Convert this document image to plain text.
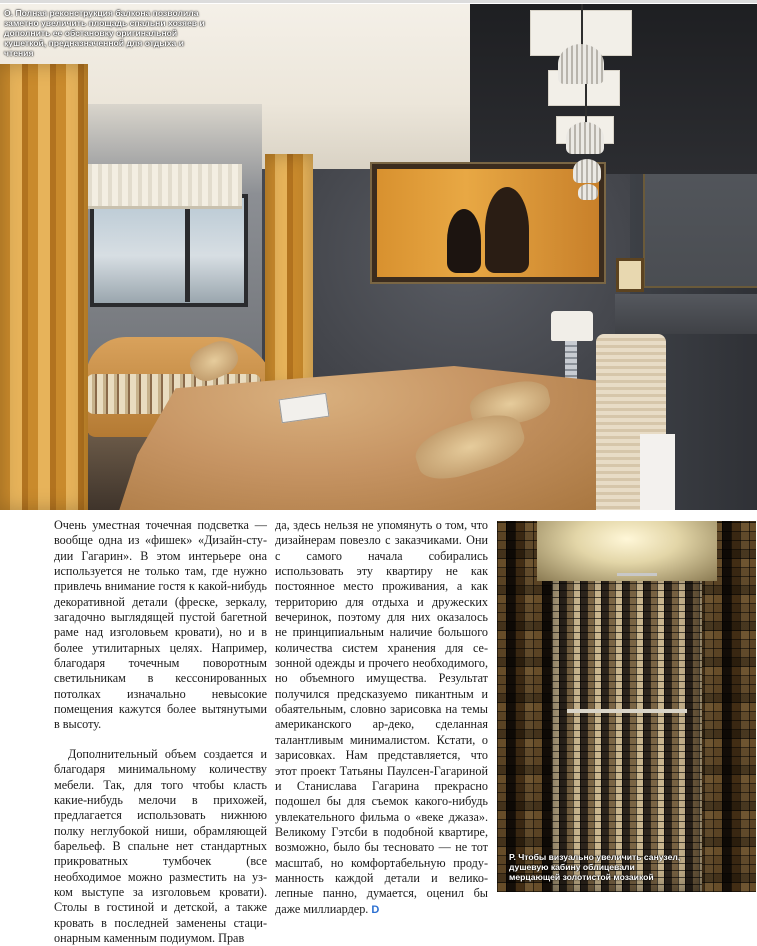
О. Полная реконструкция балкона позволила заметно увеличить площадь спальни хозяев и дополнить ее обстановку оригинальной кушеткой, предназначенной для отдыха и чтения

Очень уместная точечная подсветка — вообще одна из «фишек» «Дизайн-студии Гагарин». В этом интерьере она используется не только там, где нужно привлечь внимание гостя к какой-нибудь декоративной детали (фреске, зеркалу, загадочно выглядящей пустой багетной раме над изголовьем кровати), но и в более утилитарных целях. Например, благодаря точечным поворотным светильникам в кессонированных потолках изначально невысокие помещения кажутся более вытянутыми в высоту.

Дополнительный объем создается и благодаря минимальному количеству мебели. Так, для того чтобы класть какие-нибудь мелочи в прихожей, предлагается использовать нижнюю полку неглубокой ниши, обрамляющей барельеф. В спальне нет стандартных прикроватных тумбочек (все необходимое можно разместить на узком выступе за изголовьем кровати). Столы в гостиной и детской, а также кровать в последней заменены стационарным каменным подиумом. Прав

да, здесь нельзя не упомянуть о том, что дизайнерам повезло с заказчиками. Они с самого начала собирались использовать эту квартиру не как постоянное место проживания, а как территорию для отдыха и дружеских вечеринок, поэтому для них оказалось не принципиальным наличие большого количества систем хранения для сезонной одежды и прочего необходимого, но объемного имущества. Результат получился предсказуемо пикантным и обаятельным, словно зарисовка на темы американского ар-деко, сделанная талантливым минималистом. Кстати, о зарисовках. Нам представляется, что этот проект Татьяны Паулсен-Гагариной и Станислава Гагарина прекрасно подошел бы для съемок какого-нибудь увлекательного фильма о «веке джаза». Великому Гэтсби в подобной квартире, возможно, было бы тесновато — не тот масштаб, но комфортабельную продуманность каждой детали и великолепные панно, думается, оценил бы даже миллиардер. D

Р. Чтобы визуально увеличить санузел, душевую кабину облицевали мерцающей золотистой мозаикой
